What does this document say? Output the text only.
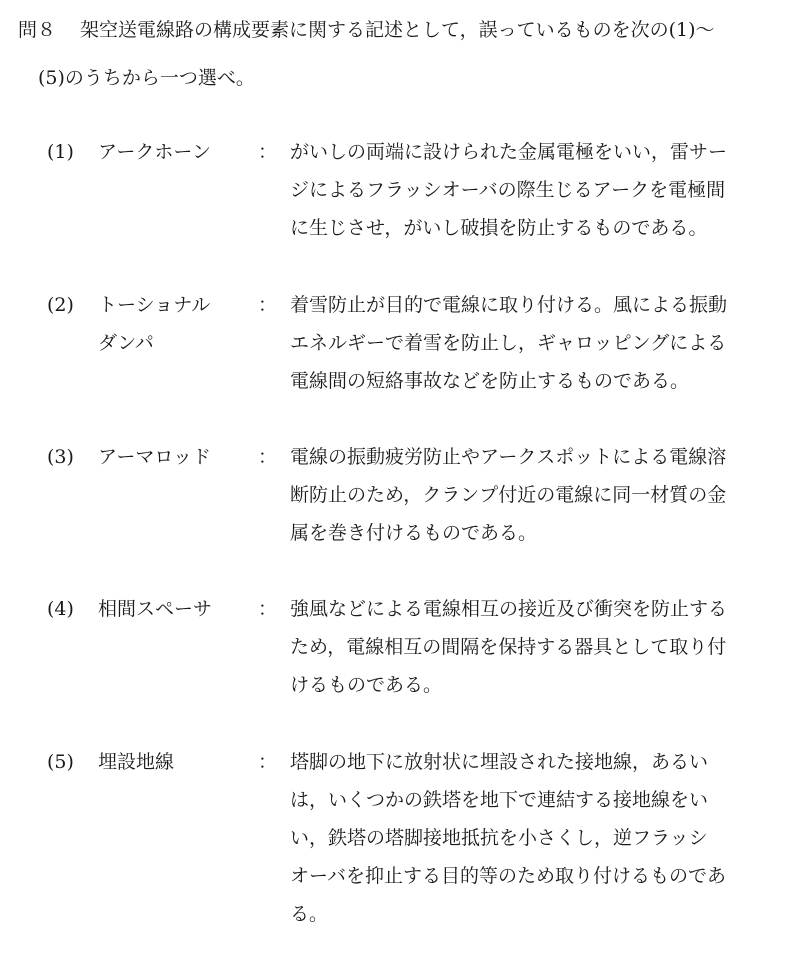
問８ 架空送電線路の構成要素に関する記述として，誤っているものを次の(1)～
(5)のうちから一つ選べ。
(1) アークホーン	： がいしの両端に設けられた金属電極をいい，雷サー
ジによるフラッシオーバの際生じるアークを電極間
に生じさせ，がいし破損を防止するものである。
(2) トーショナル
ダンパ
： 着雪防止が目的で電線に取り付ける。風による振動
エネルギーで着雪を防止し，ギャロッピングによる
電線間の短絡事故などを防止するものである。
(3) アーマロッド	： 電線の振動疲労防止やアークスポットによる電線溶
断防止のため，クランプ付近の電線に同一材質の金
属を巻き付けるものである。
(4) 相間スペーサ	： 強風などによる電線相互の接近及び衝突を防止する
ため，電線相互の間隔を保持する器具として取り付
けるものである。
(5) 埋設地線	： 塔脚の地下に放射状に埋設された接地線，あるい
は，いくつかの鉄塔を地下で連結する接地線をい
い，鉄塔の塔脚接地抵抗を小さくし，逆フラッシ
オーバを抑止する目的等のため取り付けるものであ
る。
